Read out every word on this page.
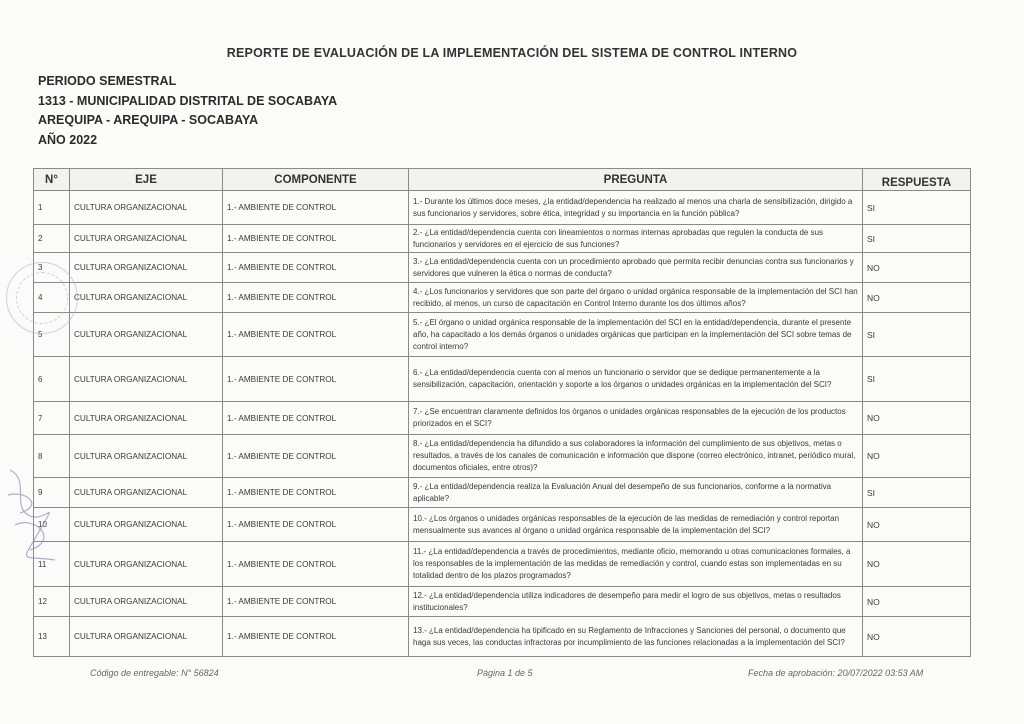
REPORTE DE EVALUACIÓN DE LA IMPLEMENTACIÓN DEL SISTEMA DE CONTROL INTERNO
PERIODO SEMESTRAL
1313 - MUNICIPALIDAD DISTRITAL DE SOCABAYA
AREQUIPA - AREQUIPA - SOCABAYA
AÑO 2022
N°	EJE	COMPONENTE	PREGUNTA	RESPUESTA
1	CULTURA ORGANIZACIONAL	1.- AMBIENTE DE CONTROL	1.- Durante los últimos doce meses, ¿la entidad/dependencia ha realizado al menos una charla de sensibilización, dirigido a sus funcionarios y servidores, sobre ética, integridad y su importancia en la función pública?	SI
2	CULTURA ORGANIZACIONAL	1.- AMBIENTE DE CONTROL	2.- ¿La entidad/dependencia cuenta con lineamientos o normas internas aprobadas que regulen la conducta de sus funcionarios y servidores en el ejercicio de sus funciones?	SI
3	CULTURA ORGANIZACIONAL	1.- AMBIENTE DE CONTROL	3.- ¿La entidad/dependencia cuenta con un procedimiento aprobado que permita recibir denuncias contra sus funcionarios y servidores que vulneren la ética o normas de conducta?	NO
4	CULTURA ORGANIZACIONAL	1.- AMBIENTE DE CONTROL	4.- ¿Los funcionarios y servidores que son parte del órgano o unidad orgánica responsable de la implementación del SCI han recibido, al menos, un curso de capacitación en Control Interno durante los dos últimos años?	NO
5	CULTURA ORGANIZACIONAL	1.- AMBIENTE DE CONTROL	5.- ¿El órgano o unidad orgánica responsable de la implementación del SCI en la entidad/dependencia, durante el presente año, ha capacitado a los demás órganos o unidades orgánicas que participan en la implementación del SCI sobre temas de control interno?	SI
6	CULTURA ORGANIZACIONAL	1.- AMBIENTE DE CONTROL	6.- ¿La entidad/dependencia cuenta con al menos un funcionario o servidor que se dedique permanentemente a la sensibilización, capacitación, orientación y soporte a los órganos o unidades orgánicas en la implementación del SCI?	SI
7	CULTURA ORGANIZACIONAL	1.- AMBIENTE DE CONTROL	7.- ¿Se encuentran claramente definidos los órganos o unidades orgánicas responsables de la ejecución de los productos priorizados en el SCI?	NO
8	CULTURA ORGANIZACIONAL	1.- AMBIENTE DE CONTROL	8.- ¿La entidad/dependencia ha difundido a sus colaboradores la información del cumplimiento de sus objetivos, metas o resultados, a través de los canales de comunicación e información que dispone (correo electrónico, intranet, periódico mural, documentos oficiales, entre otros)?	NO
9	CULTURA ORGANIZACIONAL	1.- AMBIENTE DE CONTROL	9.- ¿La entidad/dependencia realiza la Evaluación Anual del desempeño de sus funcionarios, conforme a la normativa aplicable?	SI
10	CULTURA ORGANIZACIONAL	1.- AMBIENTE DE CONTROL	10.- ¿Los órganos o unidades orgánicas responsables de la ejecución de las medidas de remediación y control reportan mensualmente sus avances al órgano o unidad orgánica responsable de la implementación del SCI?	NO
11	CULTURA ORGANIZACIONAL	1.- AMBIENTE DE CONTROL	11.- ¿La entidad/dependencia a través de procedimientos, mediante oficio, memorando u otras comunicaciones formales, a los responsables de la implementación de las medidas de remediación y control, cuando estas son implementadas en su totalidad dentro de los plazos programados?	NO
12	CULTURA ORGANIZACIONAL	1.- AMBIENTE DE CONTROL	12.- ¿La entidad/dependencia utiliza indicadores de desempeño para medir el logro de sus objetivos, metas o resultados institucionales?	NO
13	CULTURA ORGANIZACIONAL	1.- AMBIENTE DE CONTROL	13.- ¿La entidad/dependencia ha tipificado en su Reglamento de Infracciones y Sanciones del personal, o documento que haga sus veces, las conductas infractoras por incumplimiento de las funciones relacionadas a la implementación del SCI?	NO
Código de entregable: N° 56824	Página 1 de 5	Fecha de aprobación: 20/07/2022 03:53 AM
